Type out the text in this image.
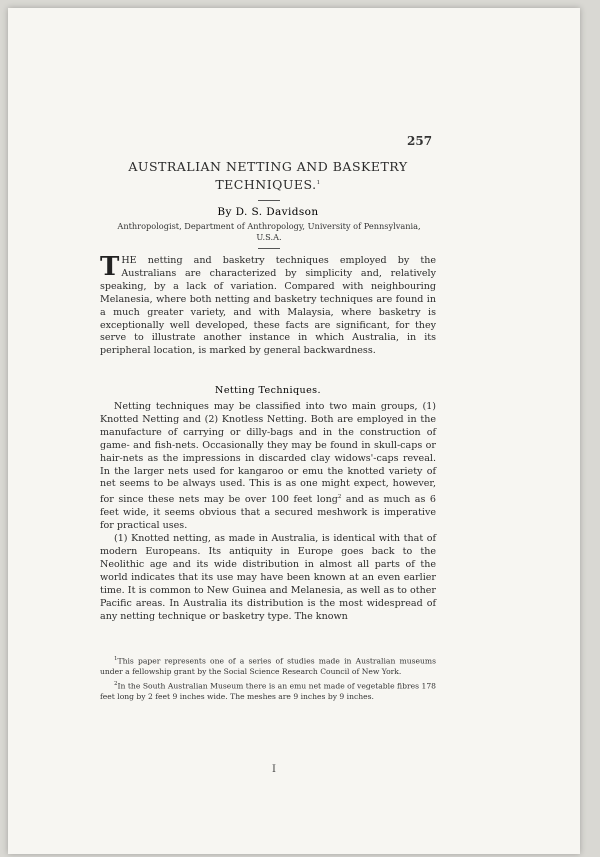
257
AUSTRALIAN NETTING AND BASKETRY
TECHNIQUES.$^1$
By D. S. Davidson
Anthropologist, Department of Anthropology, University of Pennsylvania, U.S.A.

THE netting and basketry techniques employed by the Australians are characterized by simplicity and, relatively speaking, by a lack of variation. Compared with neighbouring Melanesia, where both netting and basketry techniques are found in a much greater variety, and with Malaysia, where basketry is exceptionally well developed, these facts are significant, for they serve to illustrate another instance in which Australia, in its peripheral location, is marked by general backwardness.

Netting Techniques.

Netting techniques may be classified into two main groups, (1) Knotted Netting and (2) Knotless Netting. Both are employed in the manufacture of carrying or dilly-bags and in the construction of game- and fish-nets. Occasionally they may be found in skull-caps or hair-nets as the impressions in discarded clay widows'-caps reveal. In the larger nets used for kangaroo or emu the knotted variety of net seems to be always used. This is as one might expect, however, for since these nets may be over 100 feet long$^2$ and as much as 6 feet wide, it seems obvious that a secured meshwork is imperative for practical uses.

(1) Knotted netting, as made in Australia, is identical with that of modern Europeans. Its antiquity in Europe goes back to the Neolithic age and its wide distribution in almost all parts of the world indicates that its use may have been known at an even earlier time. It is common to New Guinea and Melanesia, as well as to other Pacific areas. In Australia its distribution is the most widespread of any netting technique or basketry type. The known

$^1$This paper represents one of a series of studies made in Australian museums under a fellowship grant by the Social Science Research Council of New York.

$^2$In the South Australian Museum there is an emu net made of vegetable fibres 178 feet long by 2 feet 9 inches wide. The meshes are 9 inches by 9 inches.

I
